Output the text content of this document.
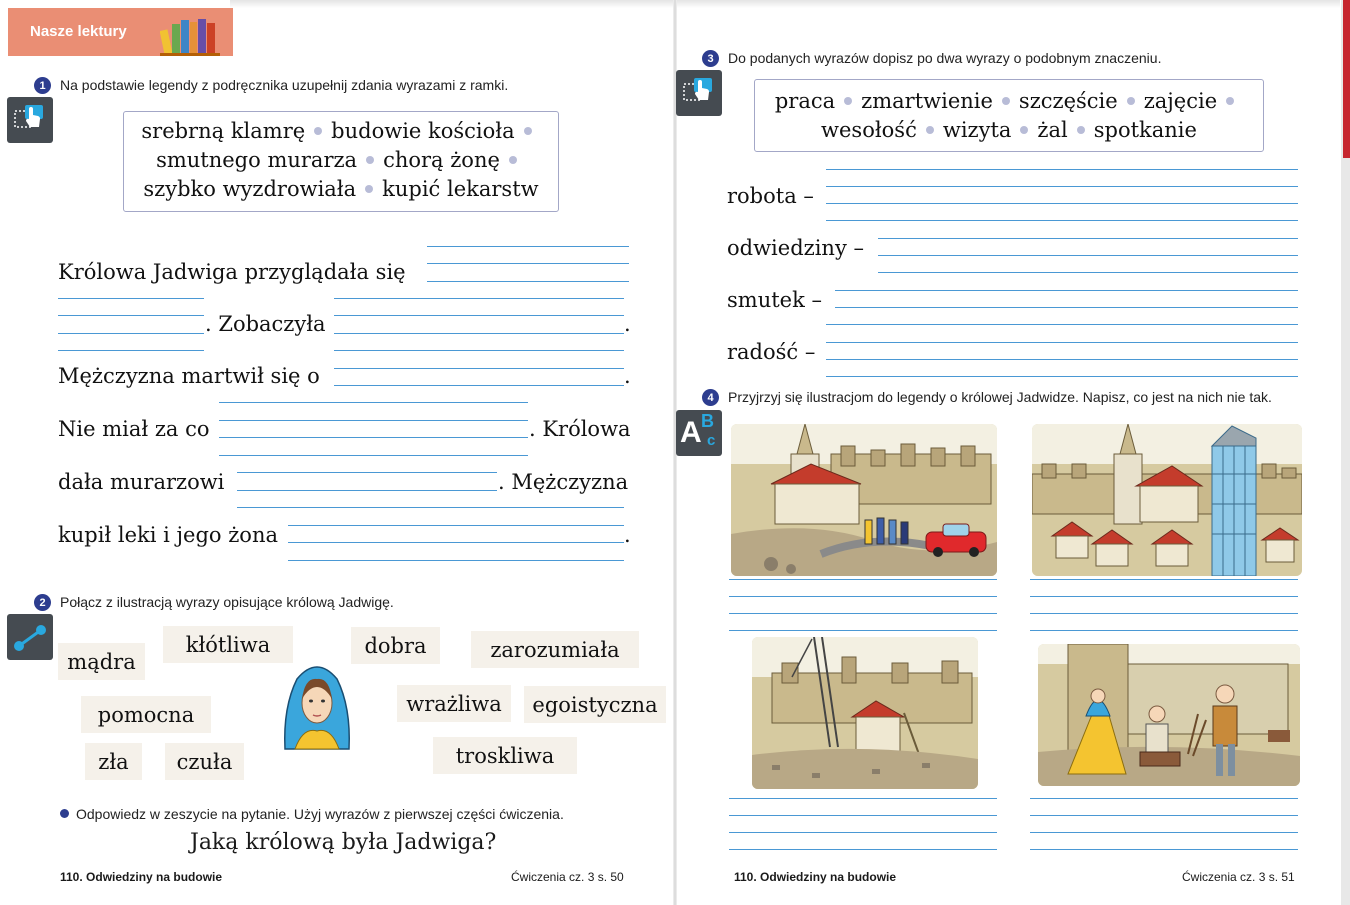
Nasze lektury
1	Na podstawie legendy z podręcznika uzupełnij zdania wyrazami z ramki.
srebrną klamrę budowie kościoła
smutnego murarza chorą żonę
szybko wyzdrowiała kupić lekarstw
Królowa Jadwiga przyglądała się
. Zobaczyła	.
Mężczyzna martwił się o	.
Nie miał za co	. Królowa
dała murarzowi	. Mężczyzna
kupił leki i jego żona	.
2	Połącz z ilustracją wyrazy opisujące królową Jadwigę.
mądra
kłótliwa	dobra	zarozumiała
pomocna	wrażliwa	egoistyczna
zła	czuła	troskliwa
Odpowiedz w zeszycie na pytanie. Użyj wyrazów z pierwszej części ćwiczenia.
Jaką królową była Jadwiga?
110. Odwiedziny na budowie	Ćwiczenia cz. 3 s. 50
3	Do podanych wyrazów dopisz po dwa wyrazy o podobnym znaczeniu.
praca zmartwienie szczęście zajęcie
wesołość wizyta żal spotkanie
robota –
odwiedziny –
smutek –
radość –
4	Przyjrzyj się ilustracjom do legendy o królowej Jadwidze. Napisz, co jest na nich nie tak.
A B
c
110. Odwiedziny na budowie	Ćwiczenia cz. 3 s. 51
